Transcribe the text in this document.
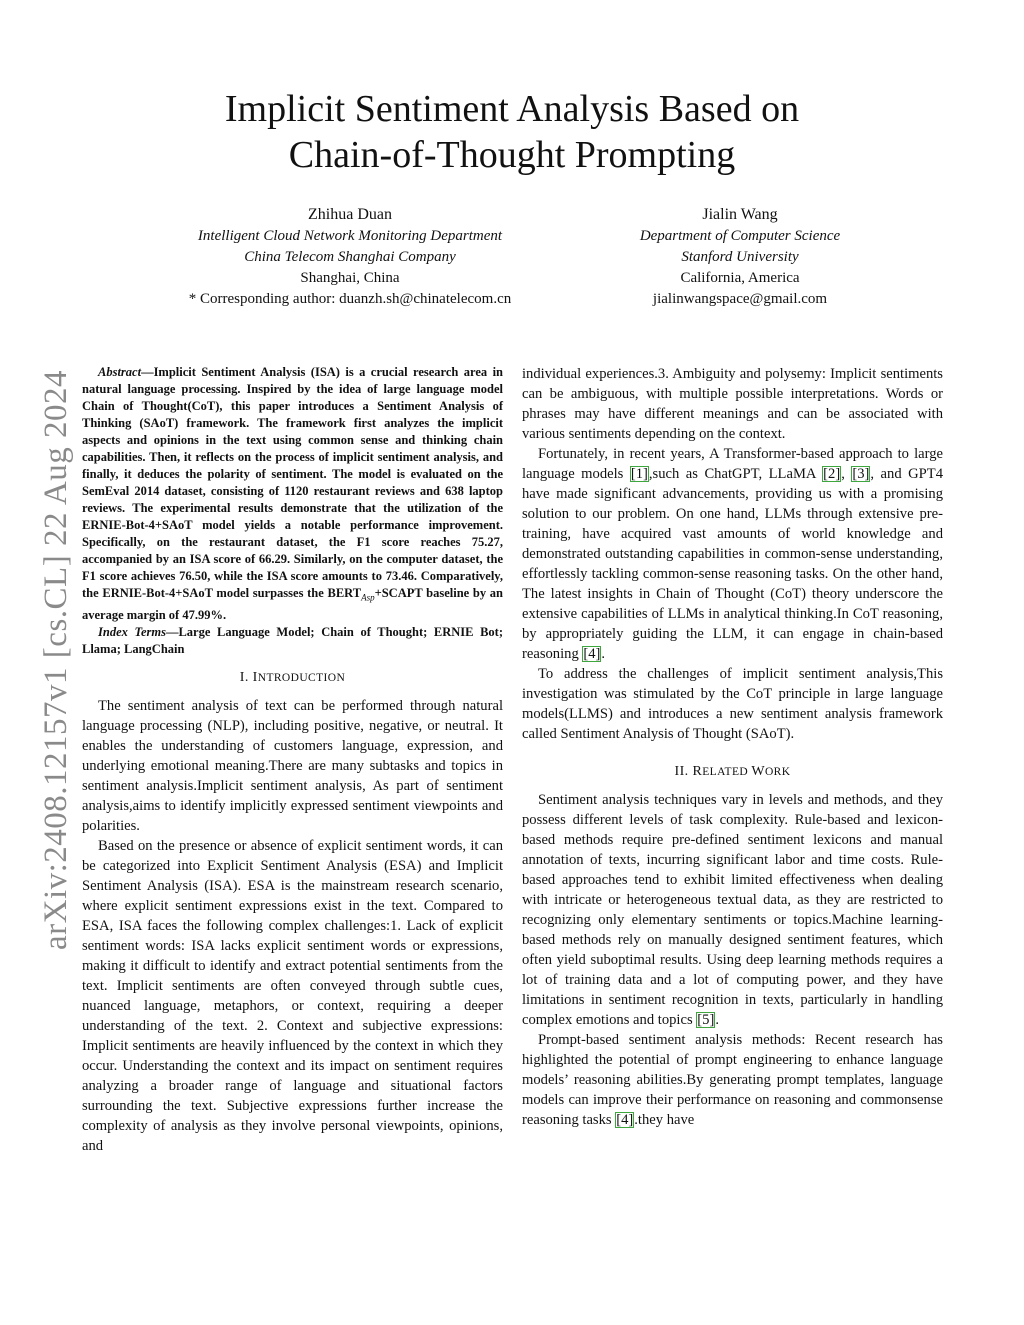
arXiv:2408.12157v1 [cs.CL] 22 Aug 2024
Implicit Sentiment Analysis Based on
Chain-of-Thought Prompting
Zhihua Duan
Intelligent Cloud Network Monitoring Department
China Telecom Shanghai Company
Shanghai, China
* Corresponding author: duanzh.sh@chinatelecom.cn
Jialin Wang
Department of Computer Science
Stanford University
California, America
jialinwangspace@gmail.com

Abstract—Implicit Sentiment Analysis (ISA) is a crucial research area in natural language processing. Inspired by the idea of large language model Chain of Thought(CoT), this paper introduces a Sentiment Analysis of Thinking (SAoT) framework. The framework first analyzes the implicit aspects and opinions in the text using common sense and thinking chain capabilities. Then, it reflects on the process of implicit sentiment analysis, and finally, it deduces the polarity of sentiment. The model is evaluated on the SemEval 2014 dataset, consisting of 1120 restaurant reviews and 638 laptop reviews. The experimental results demonstrate that the utilization of the ERNIE-Bot-4+SAoT model yields a notable performance improvement. Specifically, on the restaurant dataset, the F1 score reaches 75.27, accompanied by an ISA score of 66.29. Similarly, on the computer dataset, the F1 score achieves 76.50, while the ISA score amounts to 73.46. Comparatively, the ERNIE-Bot-4+SAoT model surpasses the $BERT_{Asp}+SCAPT$ baseline by an average margin of 47.99%.

Index Terms—Large Language Model; Chain of Thought; ERNIE Bot; Llama; LangChain

I. INTRODUCTION

The sentiment analysis of text can be performed through natural language processing (NLP), including positive, negative, or neutral. It enables the understanding of customers language, expression, and underlying emotional meaning.There are many subtasks and topics in sentiment analysis.Implicit sentiment analysis, As part of sentiment analysis,aims to identify implicitly expressed sentiment viewpoints and polarities.

Based on the presence or absence of explicit sentiment words, it can be categorized into Explicit Sentiment Analysis (ESA) and Implicit Sentiment Analysis (ISA). ESA is the mainstream research scenario, where explicit sentiment expressions exist in the text. Compared to ESA, ISA faces the following complex challenges:1. Lack of explicit sentiment words: ISA lacks explicit sentiment words or expressions, making it difficult to identify and extract potential sentiments from the text. Implicit sentiments are often conveyed through subtle cues, nuanced language, metaphors, or context, requiring a deeper understanding of the text. 2. Context and subjective expressions: Implicit sentiments are heavily influenced by the context in which they occur. Understanding the context and its impact on sentiment requires analyzing a broader range of language and situational factors surrounding the text. Subjective expressions further increase the complexity of analysis as they involve personal viewpoints, opinions, and

individual experiences.3. Ambiguity and polysemy: Implicit sentiments can be ambiguous, with multiple possible interpretations. Words or phrases may have different meanings and can be associated with various sentiments depending on the context.

Fortunately, in recent years, A Transformer-based approach to large language models [1],such as ChatGPT, LLaMA [2], [3], and GPT4 have made significant advancements, providing us with a promising solution to our problem. On one hand, LLMs through extensive pre-training, have acquired vast amounts of world knowledge and demonstrated outstanding capabilities in common-sense understanding, effortlessly tackling common-sense reasoning tasks. On the other hand, The latest insights in Chain of Thought (CoT) theory underscore the extensive capabilities of LLMs in analytical thinking.In CoT reasoning, by appropriately guiding the LLM, it can engage in chain-based reasoning [4].

To address the challenges of implicit sentiment analysis,This investigation was stimulated by the CoT principle in large language models(LLMS) and introduces a new sentiment analysis framework called Sentiment Analysis of Thought (SAoT).

II. RELATED WORK

Sentiment analysis techniques vary in levels and methods, and they possess different levels of task complexity. Rule-based and lexicon-based methods require pre-defined sentiment lexicons and manual annotation of texts, incurring significant labor and time costs. Rule-based approaches tend to exhibit limited effectiveness when dealing with intricate or heterogeneous textual data, as they are restricted to recognizing only elementary sentiments or topics.Machine learning-based methods rely on manually designed sentiment features, which often yield suboptimal results. Using deep learning methods requires a lot of training data and a lot of computing power, and they have limitations in sentiment recognition in texts, particularly in handling complex emotions and topics [5].

Prompt-based sentiment analysis methods: Recent research has highlighted the potential of prompt engineering to enhance language models’ reasoning abilities.By generating prompt templates, language models can improve their performance on reasoning and commonsense reasoning tasks [4].they have
